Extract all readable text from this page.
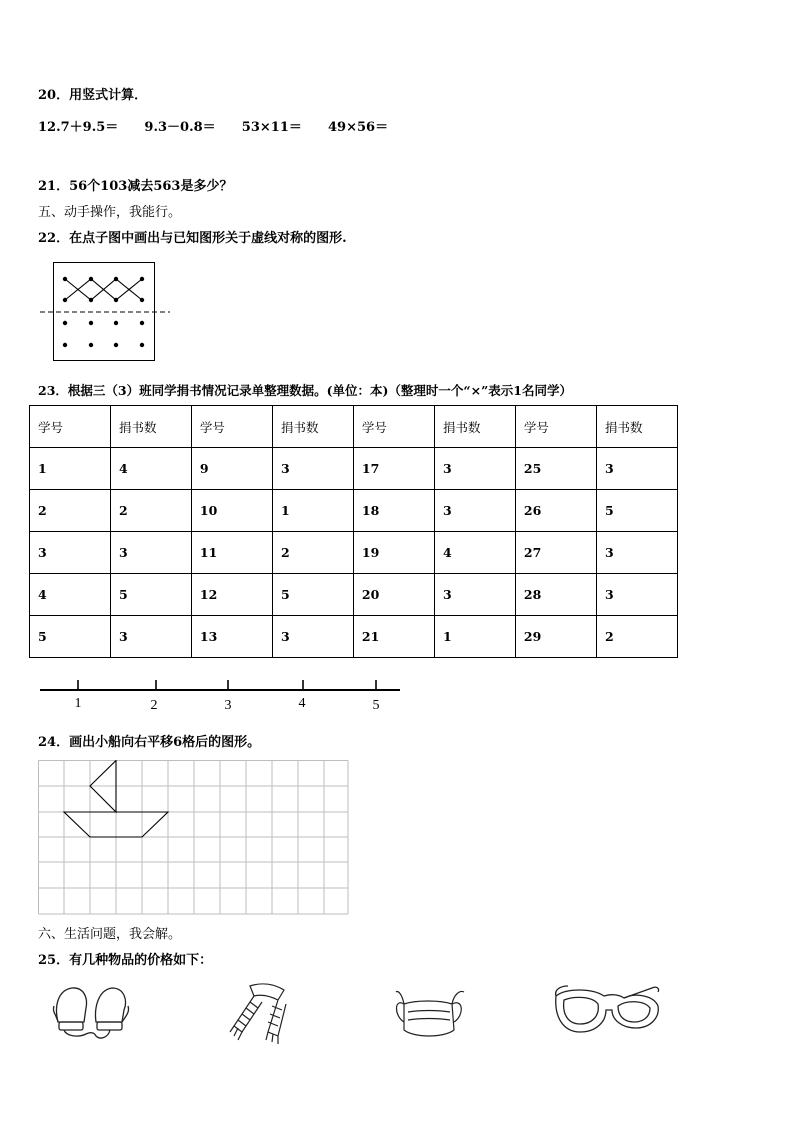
20．用竖式计算．
12.7＋9.5＝ 9.3－0.8＝ 53×11＝ 49×56＝
21．56个103减去563是多少？
五、动手操作，我能行。
22．在点子图中画出与已知图形关于虚线对称的图形.
23．根据三（3）班同学捐书情况记录单整理数据。(单位：本)（整理时一个“×”表示1名同学）
学号	捐书数	学号	捐书数	学号	捐书数	学号	捐书数
1	4	9	3	17	3	25	3
2	2	10	1	18	3	26	5
3	3	11	2	19	4	27	3
4	5	12	5	20	3	28	3
5	3	13	3	21	1	29	2
1	2	3	4	5
24．画出小船向右平移6格后的图形。
六、生活问题，我会解。
25．有几种物品的价格如下：
